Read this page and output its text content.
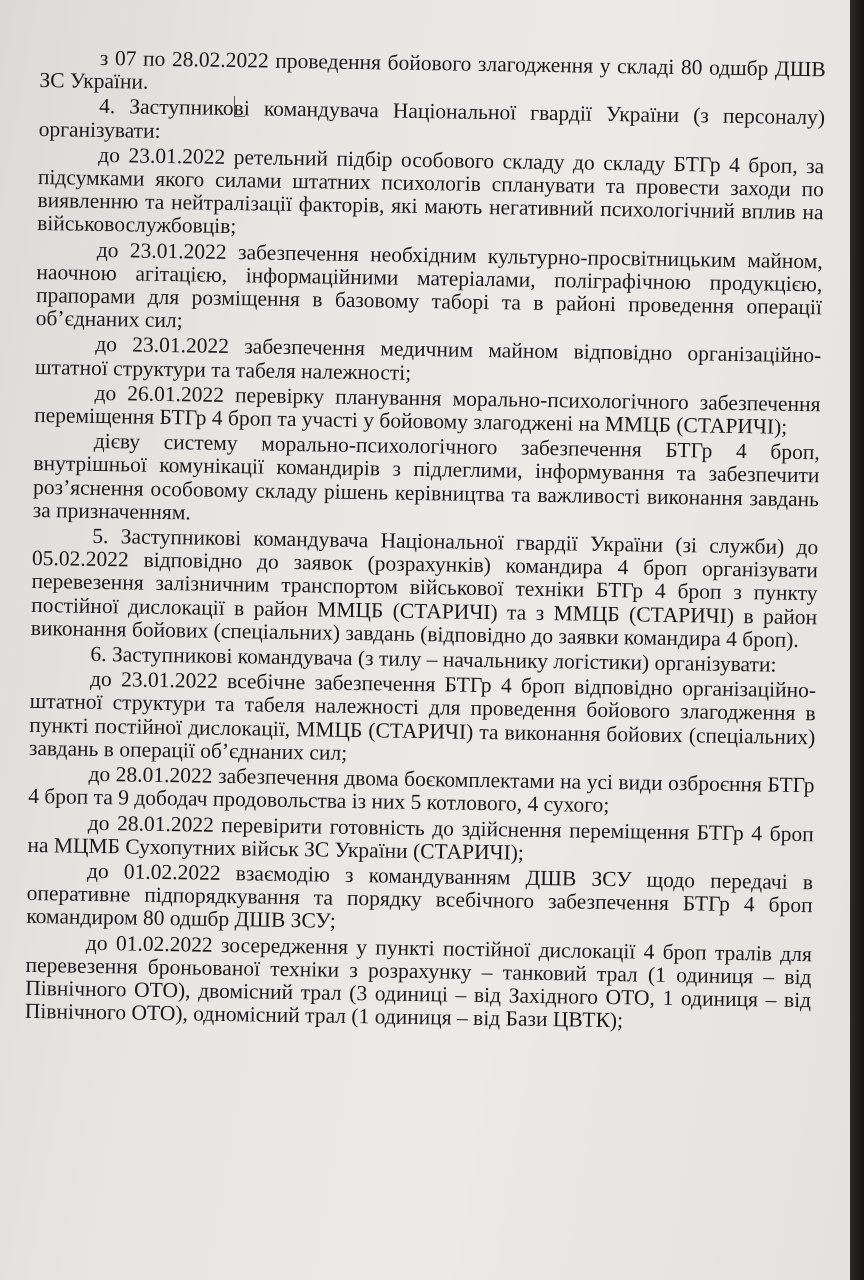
з 07 по 28.02.2022 проведення бойового злагодження у складі 80 одшбр ДШВ ЗС України.

4. Заступникові командувача Національної гвардії України (з персоналу) організувати:

до 23.01.2022 ретельний підбір особового складу до складу БТГр 4 броп, за підсумками якого силами штатних психологів спланувати та провести заходи по виявленню та нейтралізації факторів, які мають негативний психологічний вплив на військовослужбовців;

до 23.01.2022 забезпечення необхідним культурно-просвітницьким майном, наочною агітацією, інформаційними матеріалами, поліграфічною продукцією, прапорами для розміщення в базовому таборі та в районі проведення операції об’єднаних сил;

до 23.01.2022 забезпечення медичним майном відповідно організаційно-штатної структури та табеля належності;

до 26.01.2022 перевірку планування морально-психологічного забезпечення переміщення БТГр 4 броп та участі у бойовому злагоджені на ММЦБ (СТАРИЧІ);

дієву систему морально-психологічного забезпечення БТГр 4 броп, внутрішньої комунікації командирів з підлеглими, інформування та забезпечити роз’яснення особовому складу рішень керівництва та важливості виконання завдань за призначенням.

5. Заступникові командувача Національної гвардії України (зі служби) до 05.02.2022 відповідно до заявок (розрахунків) командира 4 броп організувати перевезення залізничним транспортом військової техніки БТГр 4 броп з пункту постійної дислокації в район ММЦБ (СТАРИЧІ) та з ММЦБ (СТАРИЧІ) в район виконання бойових (спеціальних) завдань (відповідно до заявки командира 4 броп).

6. Заступникові командувача (з тилу – начальнику логістики) організувати:

до 23.01.2022 всебічне забезпечення БТГр 4 броп відповідно організаційно-штатної структури та табеля належності для проведення бойового злагодження в пункті постійної дислокації, ММЦБ (СТАРИЧІ) та виконання бойових (спеціальних) завдань в операції об’єднаних сил;

до 28.01.2022 забезпечення двома боєкомплектами на усі види озброєння БТГр 4 броп та 9 дободач продовольства із них 5 котлового, 4 сухого;

до 28.01.2022 перевірити готовність до здійснення переміщення БТГр 4 броп на МЦМБ Сухопутних військ ЗС України (СТАРИЧІ);

до 01.02.2022 взаємодію з командуванням ДШВ ЗСУ щодо передачі в оперативне підпорядкування та порядку всебічного забезпечення БТГр 4 броп командиром 80 одшбр ДШВ ЗСУ;

до 01.02.2022 зосередження у пункті постійної дислокації 4 броп тралів для перевезення броньованої техніки з розрахунку – танковий трал (1 одиниця – від Північного ОТО), двомісний трал (3 одиниці – від Західного ОТО, 1 одиниця – від Північного ОТО), одномісний трал (1 одиниця – від Бази ЦВТК);
